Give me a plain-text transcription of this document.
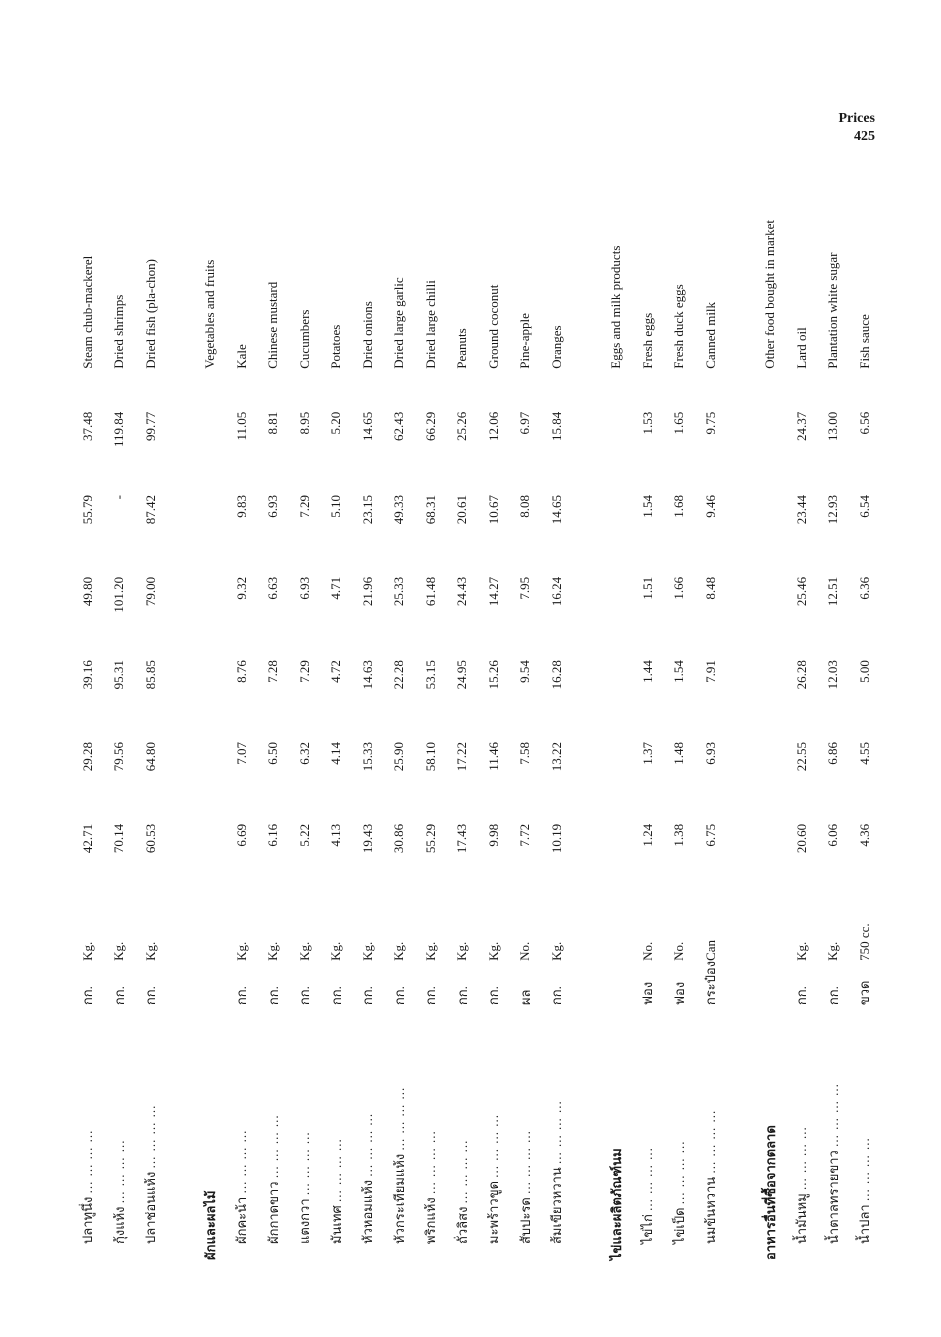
Prices
425
ปลาทูนึ่ง ... ... ... ...	กก.	Kg.	42.71	29.28	39.16	49.80	55.79	37.48	Steam chub-mackerel
กุ้งแห้ง ... ... ... ...	กก.	Kg.	70.14	79.56	95.31	101.20	-	119.84	Dried shrimps
ปลาช่อนแห้ง ... ... ... ...	กก.	Kg.	60.53	64.80	85.85	79.00	87.42	99.77	Dried fish (pla-chon)

ผักและผลไม้									Vegetables and fruits
ผักคะน้า ... ... ... ...	กก.	Kg.	6.69	7.07	8.76	9.32	9.83	11.05	Kale
ผักกาดขาว ... ... ... ...	กก.	Kg.	6.16	6.50	7.28	6.63	6.93	8.81	Chinese mustard
แตงกวา ... ... ... ...	กก.	Kg.	5.22	6.32	7.29	6.93	7.29	8.95	Cucumbers
มันเทศ ... ... ... ...	กก.	Kg.	4.13	4.14	4.72	4.71	5.10	5.20	Potatoes
หัวหอมแห้ง ... ... ... ...	กก.	Kg.	19.43	15.33	14.63	21.96	23.15	14.65	Dried onions
หัวกระเทียมแห้ง ... ... ... ...	กก.	Kg.	30.86	25.90	22.28	25.33	49.33	62.43	Dried large garlic
พริกแห้ง ... ... ... ...	กก.	Kg.	55.29	58.10	53.15	61.48	68.31	66.29	Dried large chilli
ถั่วลิสง ... ... ... ...	กก.	Kg.	17.43	17.22	24.95	24.43	20.61	25.26	Peanuts
มะพร้าวขูด ... ... ... ...	กก.	Kg.	9.98	11.46	15.26	14.27	10.67	12.06	Ground coconut
สับปะรด ... ... ... ...	ผล	No.	7.72	7.58	9.54	7.95	8.08	6.97	Pine-apple
ส้มเขียวหวาน ... ... ... ...	กก.	Kg.	10.19	13.22	16.28	16.24	14.65	15.84	Oranges

ไข่และผลิตภัณฑ์นม									Eggs and milk products
ไข่ไก่ ... ... ... ...	ฟอง	No.	1.24	1.37	1.44	1.51	1.54	1.53	Fresh eggs
ไข่เป็ด ... ... ... ...	ฟอง	No.	1.38	1.48	1.54	1.66	1.68	1.65	Fresh duck eggs
นมข้นหวาน ... ... ... ...	กระป๋อง	Can	6.75	6.93	7.91	8.48	9.46	9.75	Canned milk

อาหารอื่นที่ซื้อจากตลาด									Other food bought in market
น้ำมันหมู ... ... ... ...	กก.	Kg.	20.60	22.55	26.28	25.46	23.44	24.37	Lard oil
น้ำตาลทรายขาว ... ... ... ...	กก.	Kg.	6.06	6.86	12.03	12.51	12.93	13.00	Plantation white sugar
น้ำปลา ... ... ... ...	ขวด	750 cc.	4.36	4.55	5.00	6.36	6.54	6.56	Fish sauce
